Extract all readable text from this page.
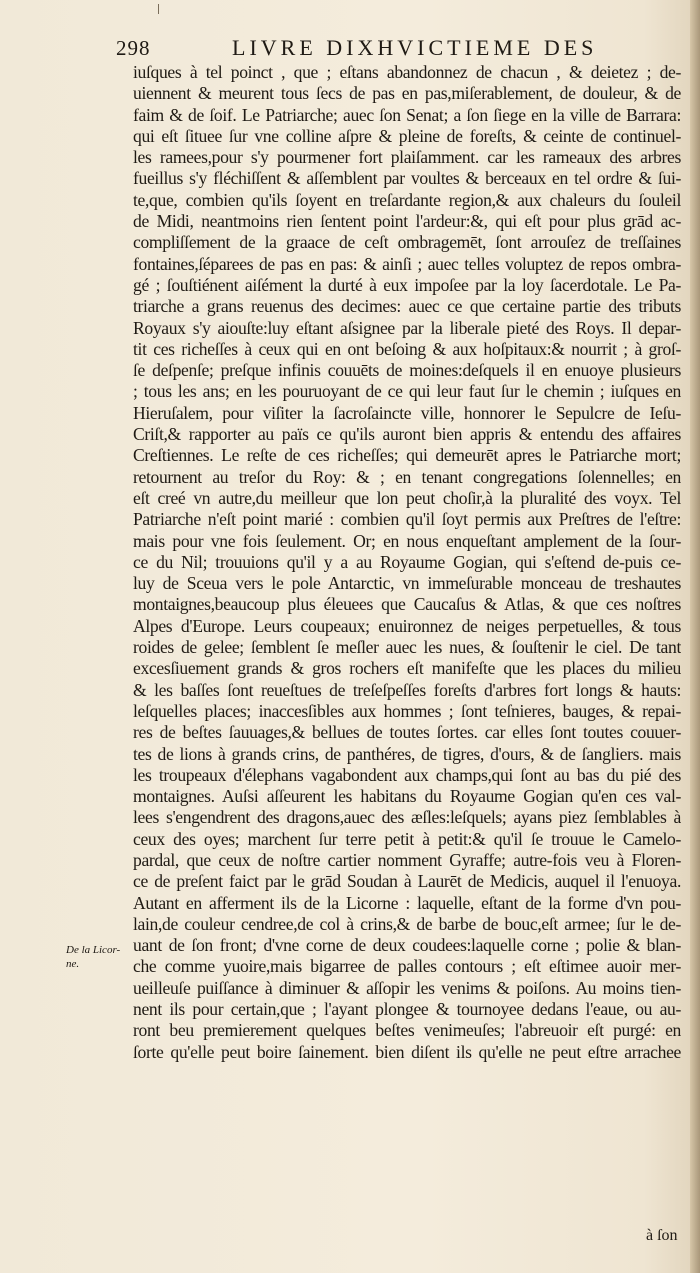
298	LIVRE DIXHVICTIEME DES
De la Licor-
ne.
iuſques à tel poinct , que ; eſtans abandonnez de chacun , & deietez ; de-
uiennent & meurent tous ſecs de pas en pas,miſerablement, de douleur, & de
faim & de ſoif. Le Patriarche; auec ſon Senat; a ſon ſiege en la ville de Barrara:
qui eſt ſituee ſur vne colline aſpre & pleine de foreſts, & ceinte de continuel-
les ramees,pour s'y pourmener fort plaiſamment. car les rameaux des arbres
fueillus s'y fléchiſſent & aſſemblent par voultes & berceaux en tel ordre & ſui-
te,que, combien qu'ils ſoyent en treſardante region,& aux chaleurs du ſouleil
de Midi, neantmoins rien ſentent point l'ardeur:&, qui eſt pour plus grād ac-
compliſſement de la graace de ceſt ombragemēt, ſont arrouſez de treſſaines
fontaines,ſéparees de pas en pas: & ainſi ; auec telles voluptez de repos ombra-
gé ; ſouſtiénent aiſément la durté à eux impoſee par la loy ſacerdotale. Le Pa-
triarche a grans reuenus des decimes: auec ce que certaine partie des tributs
Royaux s'y aiouſte:luy eſtant aſsignee par la liberale pieté des Roys. Il depar-
tit ces richeſſes à ceux qui en ont beſoing & aux hoſpitaux:& nourrit ; à groſ-
ſe deſpenſe; preſque infinis couuēts de moines:deſquels il en enuoye plusieurs
; tous les ans; en les pouruoyant de ce qui leur faut ſur le chemin ; iuſques en
Hieruſalem, pour viſiter la ſacroſaincte ville, honnorer le Sepulcre de Ieſu-
Criſt,& rapporter au païs ce qu'ils auront bien appris & entendu des affaires
Creſtiennes. Le reſte de ces richeſſes; qui demeurēt apres le Patriarche mort;
retournent au treſor du Roy: & ; en tenant congregations ſolennelles; en
eſt creé vn autre,du meilleur que lon peut choſir,à la pluralité des voyx. Tel
Patriarche n'eſt point marié : combien qu'il ſoyt permis aux Preſtres de l'eſtre:
mais pour vne fois ſeulement. Or; en nous enqueſtant amplement de la ſour-
ce du Nil; trouuions qu'il y a au Royaume Gogian, qui s'eſtend de-puis ce-
luy de Sceua vers le pole Antarctic, vn immeſurable monceau de treshautes
montaignes,beaucoup plus éleuees que Caucaſus & Atlas, & que ces noſtres
Alpes d'Europe. Leurs coupeaux; enuironnez de neiges perpetuelles, & tous
roides de gelee; ſemblent ſe meſler auec les nues, & ſouſtenir le ciel. De tant
excesſiuement grands & gros rochers eſt manifeſte que les places du milieu
& les baſſes ſont reueſtues de treſeſpeſſes foreſts d'arbres fort longs & hauts:
leſquelles places; inaccesſibles aux hommes ; ſont teſnieres, bauges, & repai-
res de beſtes ſauuages,& bellues de toutes ſortes. car elles ſont toutes couuer-
tes de lions à grands crins, de panthéres, de tigres, d'ours, & de ſangliers. mais
les troupeaux d'élephans vagabondent aux champs,qui ſont au bas du pié des
montaignes. Auſsi aſſeurent les habitans du Royaume Gogian qu'en ces val-
lees s'engendrent des dragons,auec des æſles:leſquels; ayans piez ſemblables à
ceux des oyes; marchent ſur terre petit à petit:& qu'il ſe trouue le Camelo-
pardal, que ceux de noſtre cartier nomment Gyraffe; autre-fois veu à Floren-
ce de preſent faict par le grād Soudan à Laurēt de Medicis, auquel il l'enuoya.
Autant en afferment ils de la Licorne : laquelle, eſtant de la forme d'vn pou-
lain,de couleur cendree,de col à crins,& de barbe de bouc,eſt armee; ſur le de-
uant de ſon front; d'vne corne de deux coudees:laquelle corne ; polie & blan-
che comme yuoire,mais bigarree de palles contours ; eſt eſtimee auoir mer-
ueilleuſe puiſſance à diminuer & aſſopir les venims & poiſons. Au moins tien-
nent ils pour certain,que ; l'ayant plongee & tournoyee dedans l'eaue, ou au-
ront beu premierement quelques beſtes venimeuſes; l'abreuoir eſt purgé: en
ſorte qu'elle peut boire ſainement. bien diſent ils qu'elle ne peut eſtre arrachee
à ſon
